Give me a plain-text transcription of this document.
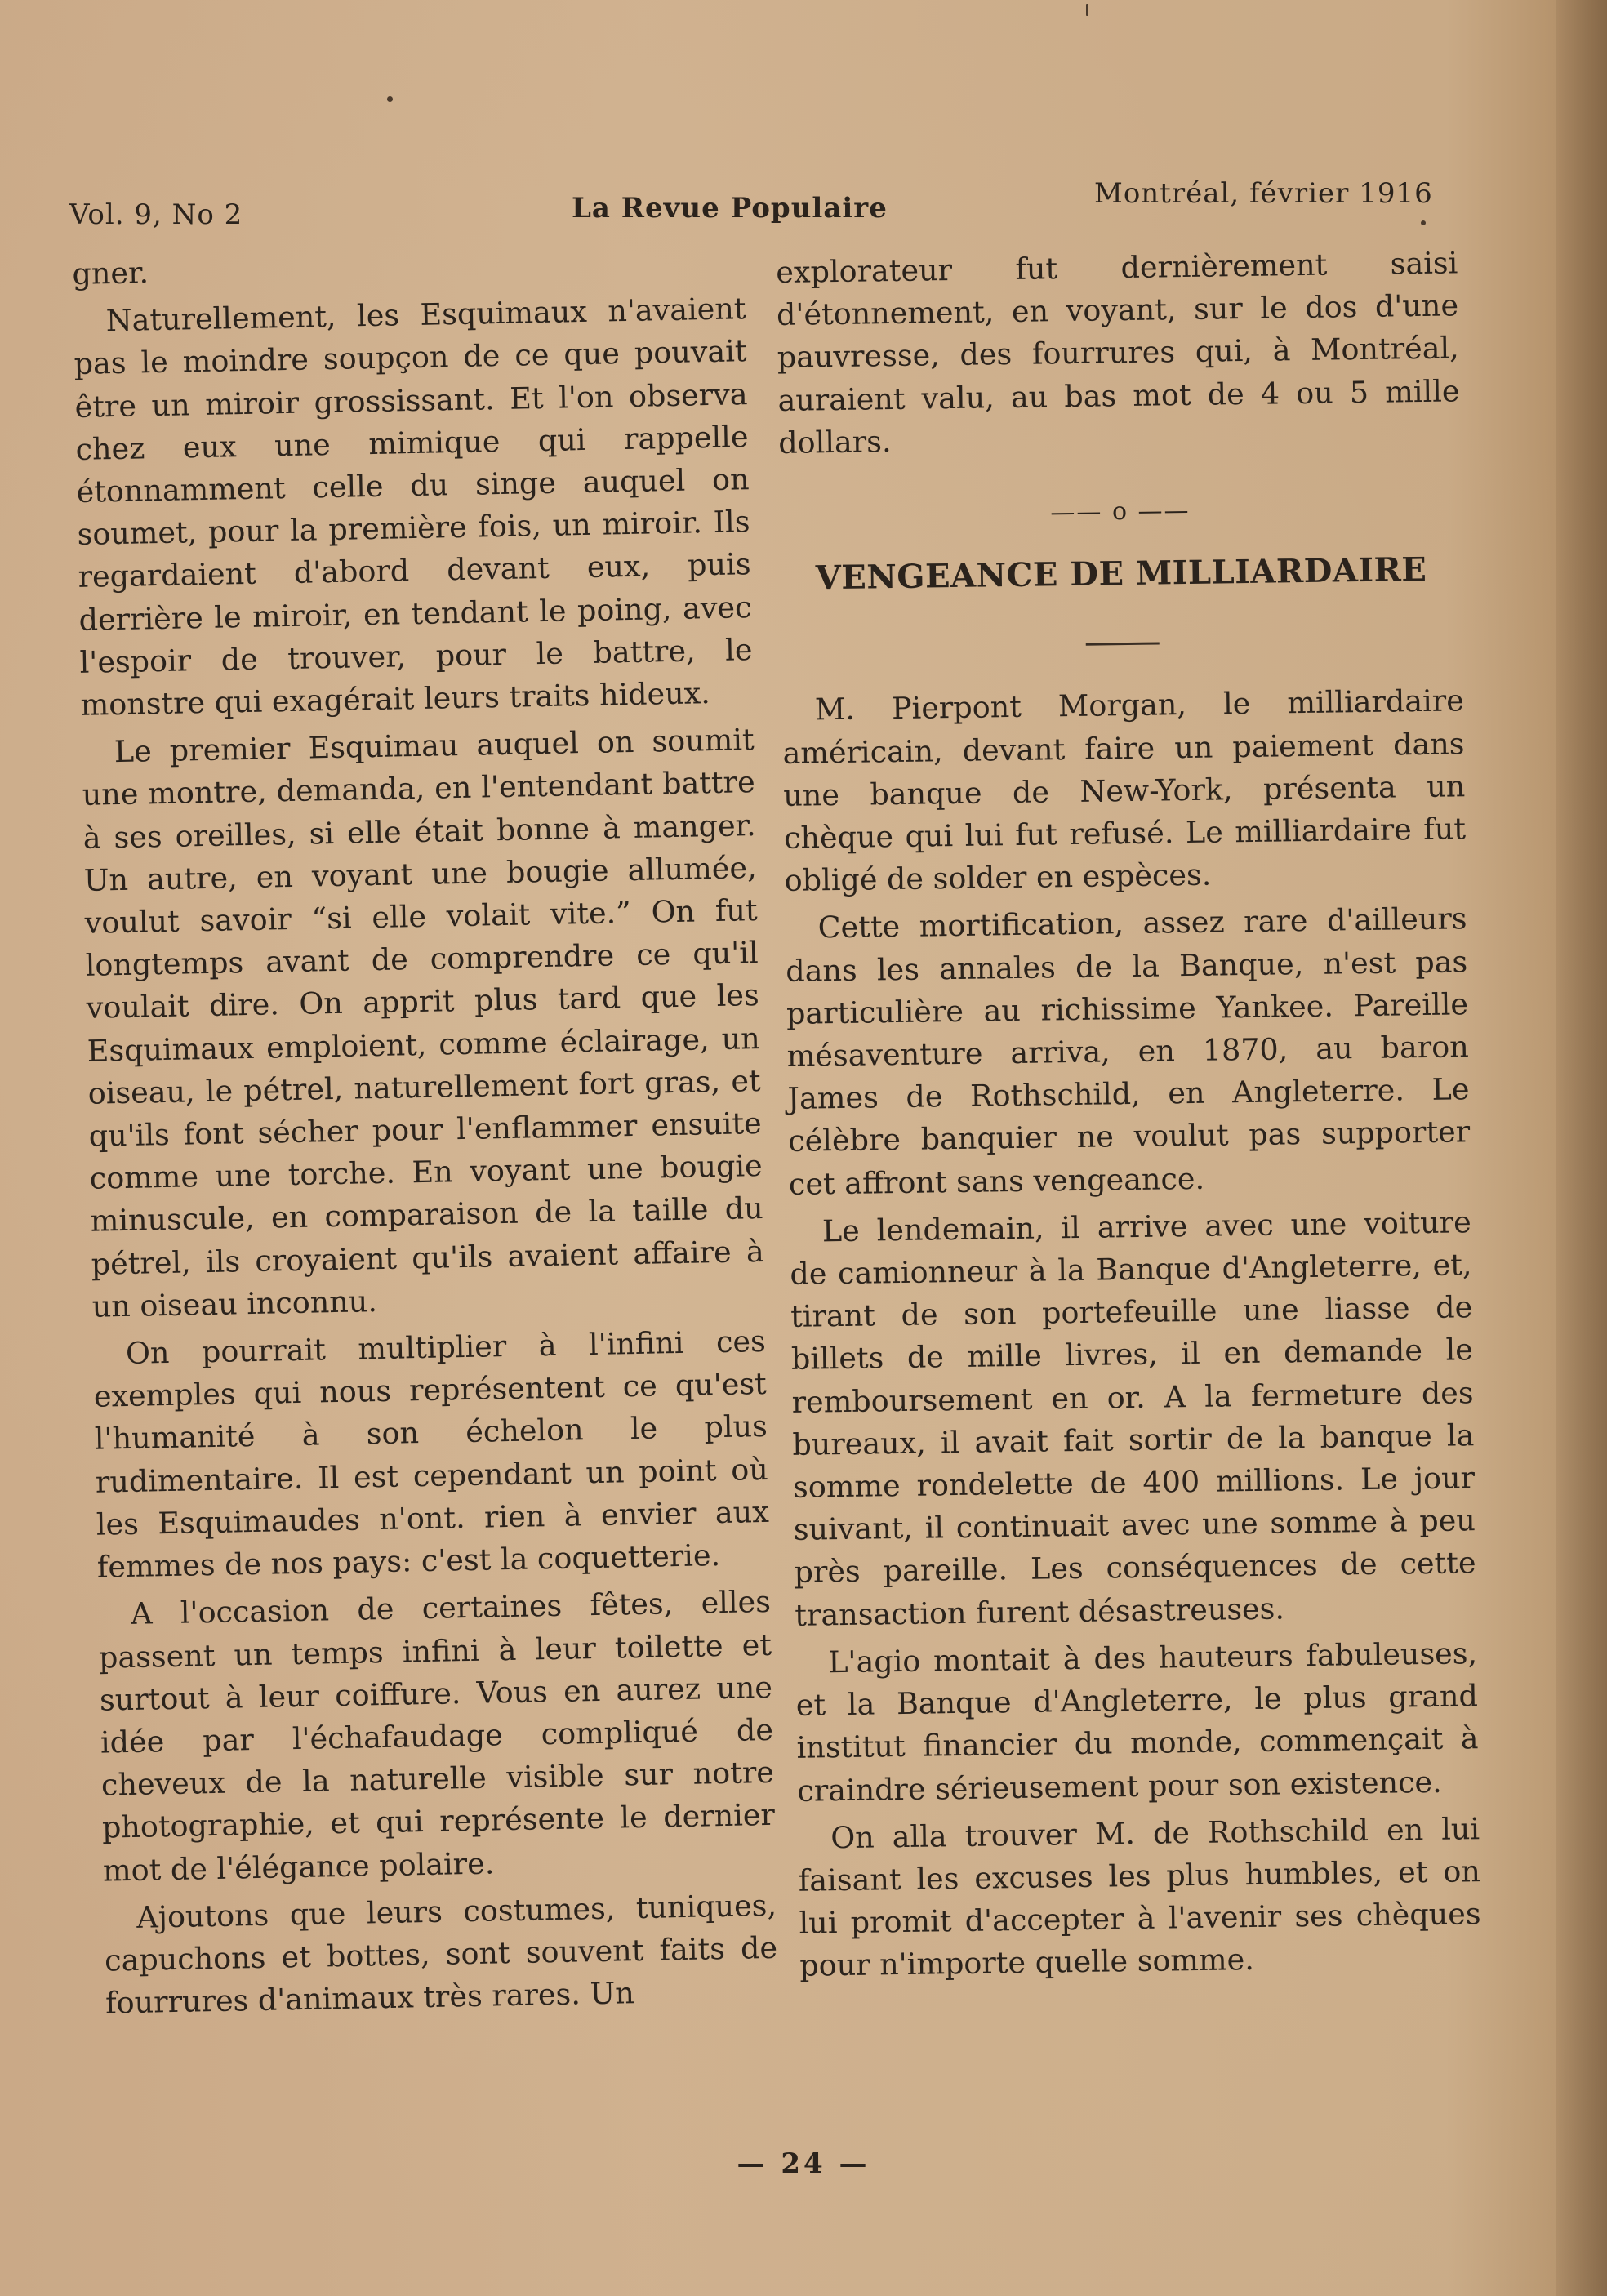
Vol. 9, No 2	La Revue Populaire	Montréal, février 1916

gner.

Naturellement, les Esquimaux n'avaient pas le moindre soupçon de ce que pouvait être un miroir grossissant. Et l'on observa chez eux une mimique qui rappelle étonnamment celle du singe auquel on soumet, pour la première fois, un miroir. Ils regardaient d'abord devant eux, puis derrière le miroir, en tendant le poing, avec l'espoir de trouver, pour le battre, le monstre qui exagérait leurs traits hideux.

Le premier Esquimau auquel on soumit une montre, demanda, en l'entendant battre à ses oreilles, si elle était bonne à manger. Un autre, en voyant une bougie allumée, voulut savoir “si elle volait vite.” On fut longtemps avant de comprendre ce qu'il voulait dire. On apprit plus tard que les Esquimaux emploient, comme éclairage, un oiseau, le pétrel, naturellement fort gras, et qu'ils font sécher pour l'enflammer ensuite comme une torche. En voyant une bougie minuscule, en comparaison de la taille du pétrel, ils croyaient qu'ils avaient affaire à un oiseau inconnu.

On pourrait multiplier à l'infini ces exemples qui nous représentent ce qu'est l'humanité à son échelon le plus rudimentaire. Il est cependant un point où les Esquimaudes n'ont. rien à envier aux femmes de nos pays: c'est la coquetterie.

A l'occasion de certaines fêtes, elles passent un temps infini à leur toilette et surtout à leur coiffure. Vous en aurez une idée par l'échafaudage compliqué de cheveux de la naturelle visible sur notre photographie, et qui représente le dernier mot de l'élégance polaire.

Ajoutons que leurs costumes, tuniques, capuchons et bottes, sont souvent faits de fourrures d'animaux très rares. Un

explorateur fut dernièrement saisi d'étonnement, en voyant, sur le dos d'une pauvresse, des fourrures qui, à Montréal, auraient valu, au bas mot de 4 ou 5 mille dollars.

—— o ——
VENGEANCE DE MILLIARDAIRE

M. Pierpont Morgan, le milliardaire américain, devant faire un paiement dans une banque de New-York, présenta un chèque qui lui fut refusé. Le milliardaire fut obligé de solder en espèces.

Cette mortification, assez rare d'ailleurs dans les annales de la Banque, n'est pas particulière au richissime Yankee. Pareille mésaventure arriva, en 1870, au baron James de Rothschild, en Angleterre. Le célèbre banquier ne voulut pas supporter cet affront sans vengeance.

Le lendemain, il arrive avec une voiture de camionneur à la Banque d'Angleterre, et, tirant de son portefeuille une liasse de billets de mille livres, il en demande le remboursement en or. A la fermeture des bureaux, il avait fait sortir de la banque la somme rondelette de 400 millions. Le jour suivant, il continuait avec une somme à peu près pareille. Les conséquences de cette transaction furent désastreuses.

L'agio montait à des hauteurs fabuleuses, et la Banque d'Angleterre, le plus grand institut financier du monde, commençait à craindre sérieusement pour son existence.

On alla trouver M. de Rothschild en lui faisant les excuses les plus humbles, et on lui promit d'accepter à l'avenir ses chèques pour n'importe quelle somme.

— 24 —
